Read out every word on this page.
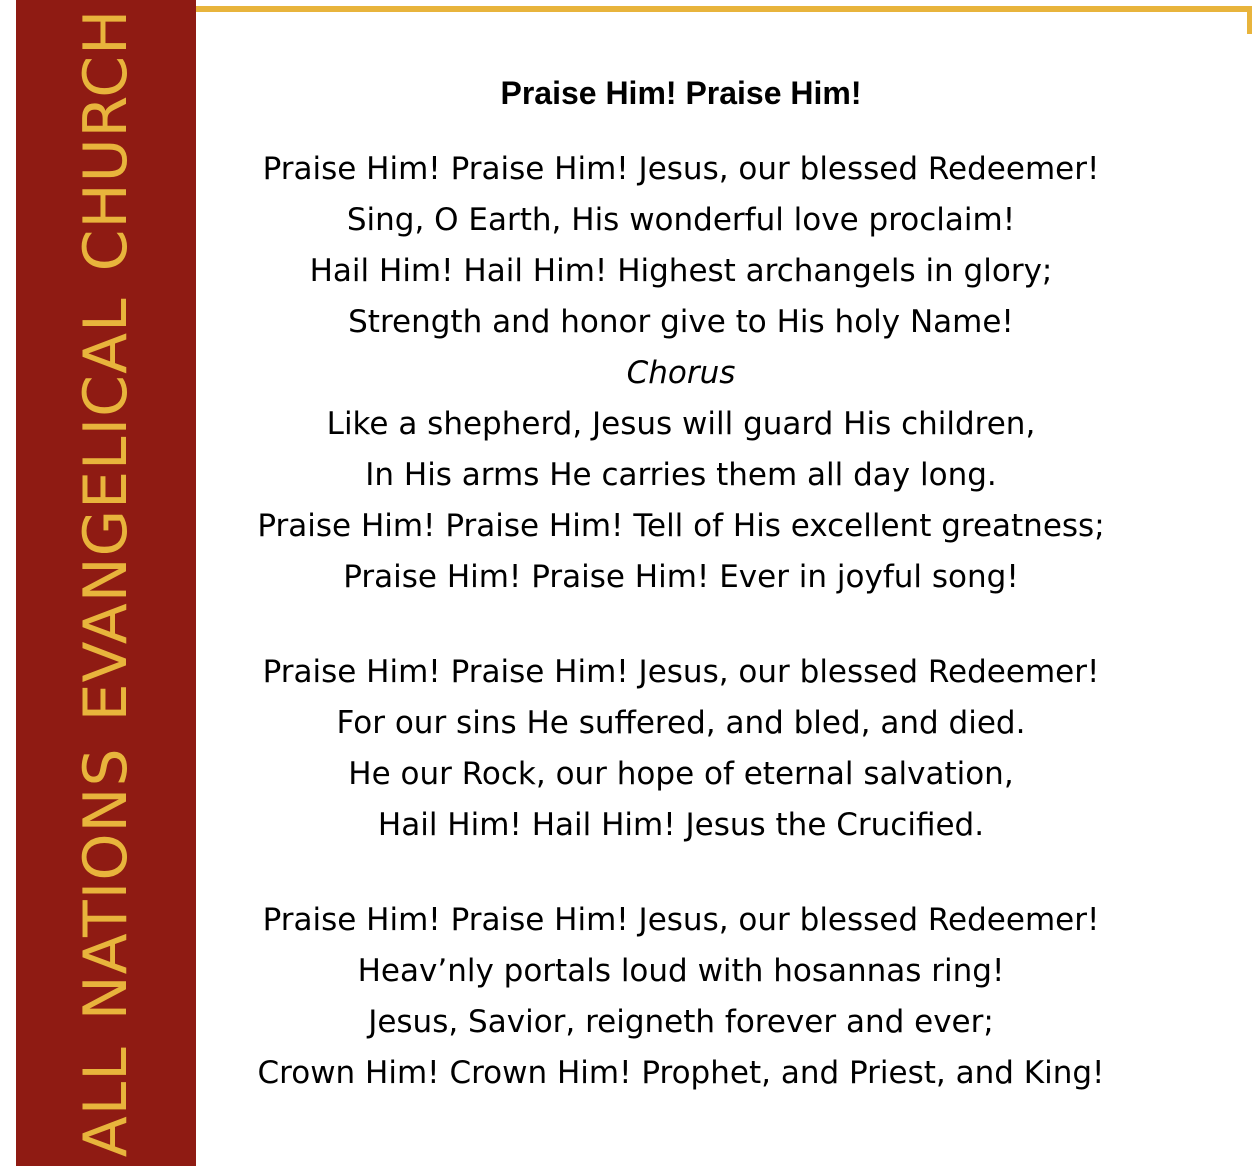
ALL NATIONS EVANGELICAL CHURCH	Praise Him! Praise Him!
Praise Him! Praise Him! Jesus, our blessed Redeemer!
Sing, O Earth, His wonderful love proclaim!
Hail Him! Hail Him! Highest archangels in glory;
Strength and honor give to His holy Name!
Chorus
Like a shepherd, Jesus will guard His children,
In His arms He carries them all day long.
Praise Him! Praise Him! Tell of His excellent greatness;
Praise Him! Praise Him! Ever in joyful song!
Praise Him! Praise Him! Jesus, our blessed Redeemer!
For our sins He suffered, and bled, and died.
He our Rock, our hope of eternal salvation,
Hail Him! Hail Him! Jesus the Crucified.
Praise Him! Praise Him! Jesus, our blessed Redeemer!
Heav’nly portals loud with hosannas ring!
Jesus, Savior, reigneth forever and ever;
Crown Him! Crown Him! Prophet, and Priest, and King!
